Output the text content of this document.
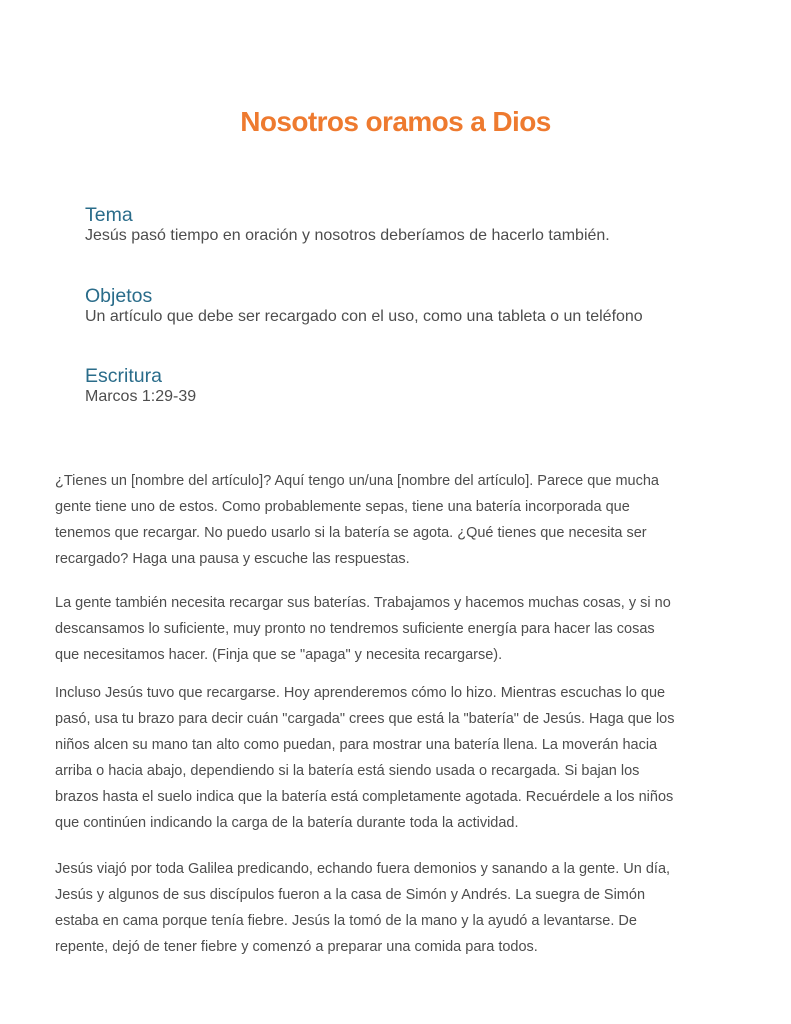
Nosotros oramos a Dios
Tema
Jesús pasó tiempo en oración y nosotros deberíamos de hacerlo también.
Objetos
Un artículo que debe ser recargado con el uso, como una tableta o un teléfono
Escritura
Marcos 1:29-39
¿Tienes un [nombre del artículo]? Aquí tengo un/una [nombre del artículo]. Parece que mucha
gente tiene uno de estos. Como probablemente sepas, tiene una batería incorporada que
tenemos que recargar. No puedo usarlo si la batería se agota. ¿Qué tienes que necesita ser
recargado? Haga una pausa y escuche las respuestas.
La gente también necesita recargar sus baterías. Trabajamos y hacemos muchas cosas, y si no
descansamos lo suficiente, muy pronto no tendremos suficiente energía para hacer las cosas
que necesitamos hacer. (Finja que se "apaga" y necesita recargarse).
Incluso Jesús tuvo que recargarse. Hoy aprenderemos cómo lo hizo. Mientras escuchas lo que
pasó, usa tu brazo para decir cuán "cargada" crees que está la "batería" de Jesús. Haga que los
niños alcen su mano tan alto como puedan, para mostrar una batería llena. La moverán hacia
arriba o hacia abajo, dependiendo si la batería está siendo usada o recargada. Si bajan los
brazos hasta el suelo indica que la batería está completamente agotada. Recuérdele a los niños
que continúen indicando la carga de la batería durante toda la actividad.
Jesús viajó por toda Galilea predicando, echando fuera demonios y sanando a la gente. Un día,
Jesús y algunos de sus discípulos fueron a la casa de Simón y Andrés. La suegra de Simón
estaba en cama porque tenía fiebre. Jesús la tomó de la mano y la ayudó a levantarse. De
repente, dejó de tener fiebre y comenzó a preparar una comida para todos.
